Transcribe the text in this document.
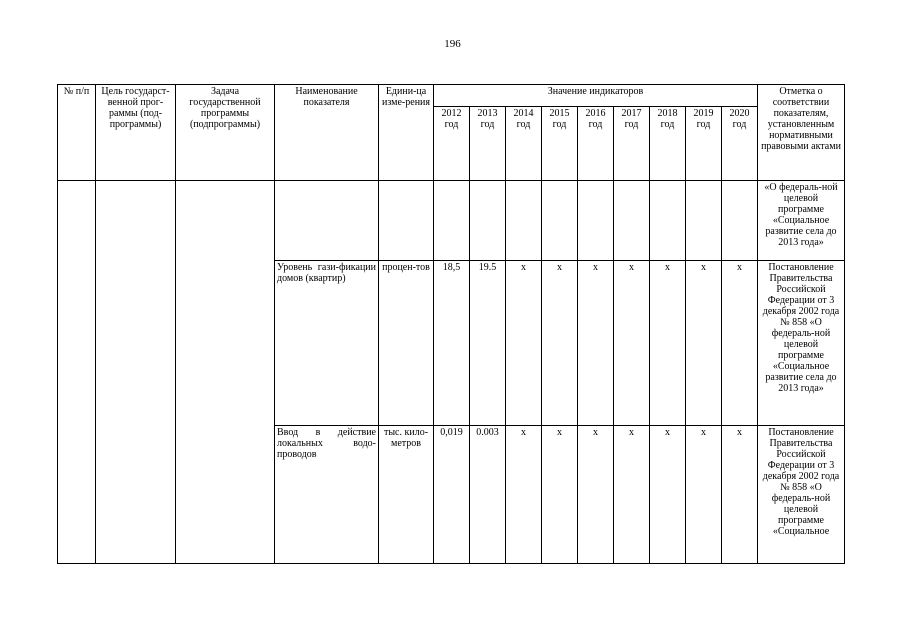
196
№ п/п	Цель государст-венной прог-раммы (под-программы)	Задача государственной программы (подпрограммы)	Наименование показателя	Едини-ца изме-рения	Значение индикаторов									Отметка о соответствии показателям, установленным нормативными правовыми актами
					2012 год	2013 год	2014 год	2015 год	2016 год	2017 год	2018 год	2019 год	2020 год	
														«О федераль-ной целевой программе «Социальное развитие села до 2013 года»
			Уровень гази-фикации домов (квартир)	процен-тов	18,5	19.5	х	х	х	х	х	х	х	Постановление Правительства Российской Федерации от 3 декабря 2002 года № 858 «О федераль-ной целевой программе «Социальное развитие села до 2013 года»
			Ввод в действие локальных водо-проводов	тыс. кило-метров	0,019	0.003	х	х	х	х	х	х	х	Постановление Правительства Российской Федерации от 3 декабря 2002 года № 858 «О федераль-ной целевой программе «Социальное
